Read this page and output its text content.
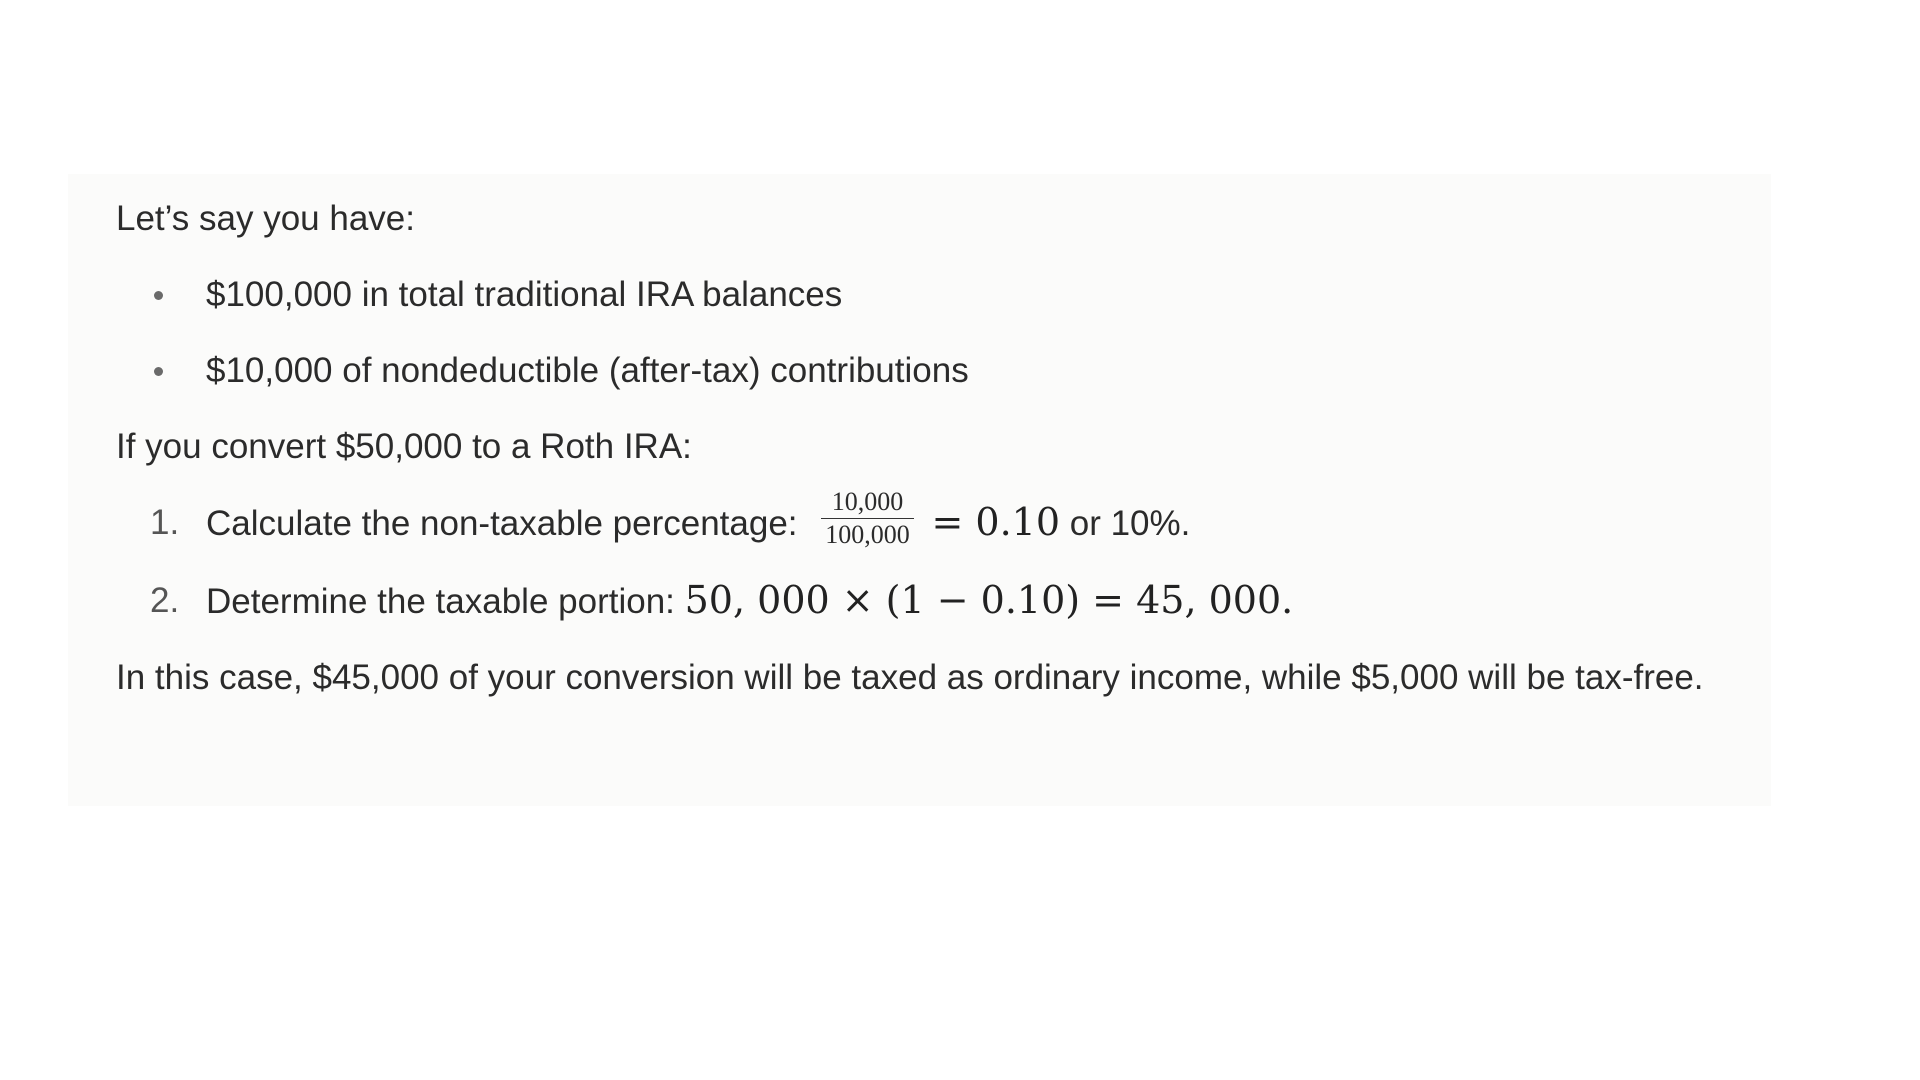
Let’s say you have:

$100,000 in total traditional IRA balances
$10,000 of nondeductible (after-tax) contributions

If you convert $50,000 to a Roth IRA:

1. Calculate the non-taxable percentage: $\frac{10,000}{100,000} = 0.10$ or 10%.
2. Determine the taxable portion: 50, 000 × (1 − 0.10) = 45, 000.

In this case, $45,000 of your conversion will be taxed as ordinary income, while $5,000 will be tax-free.
